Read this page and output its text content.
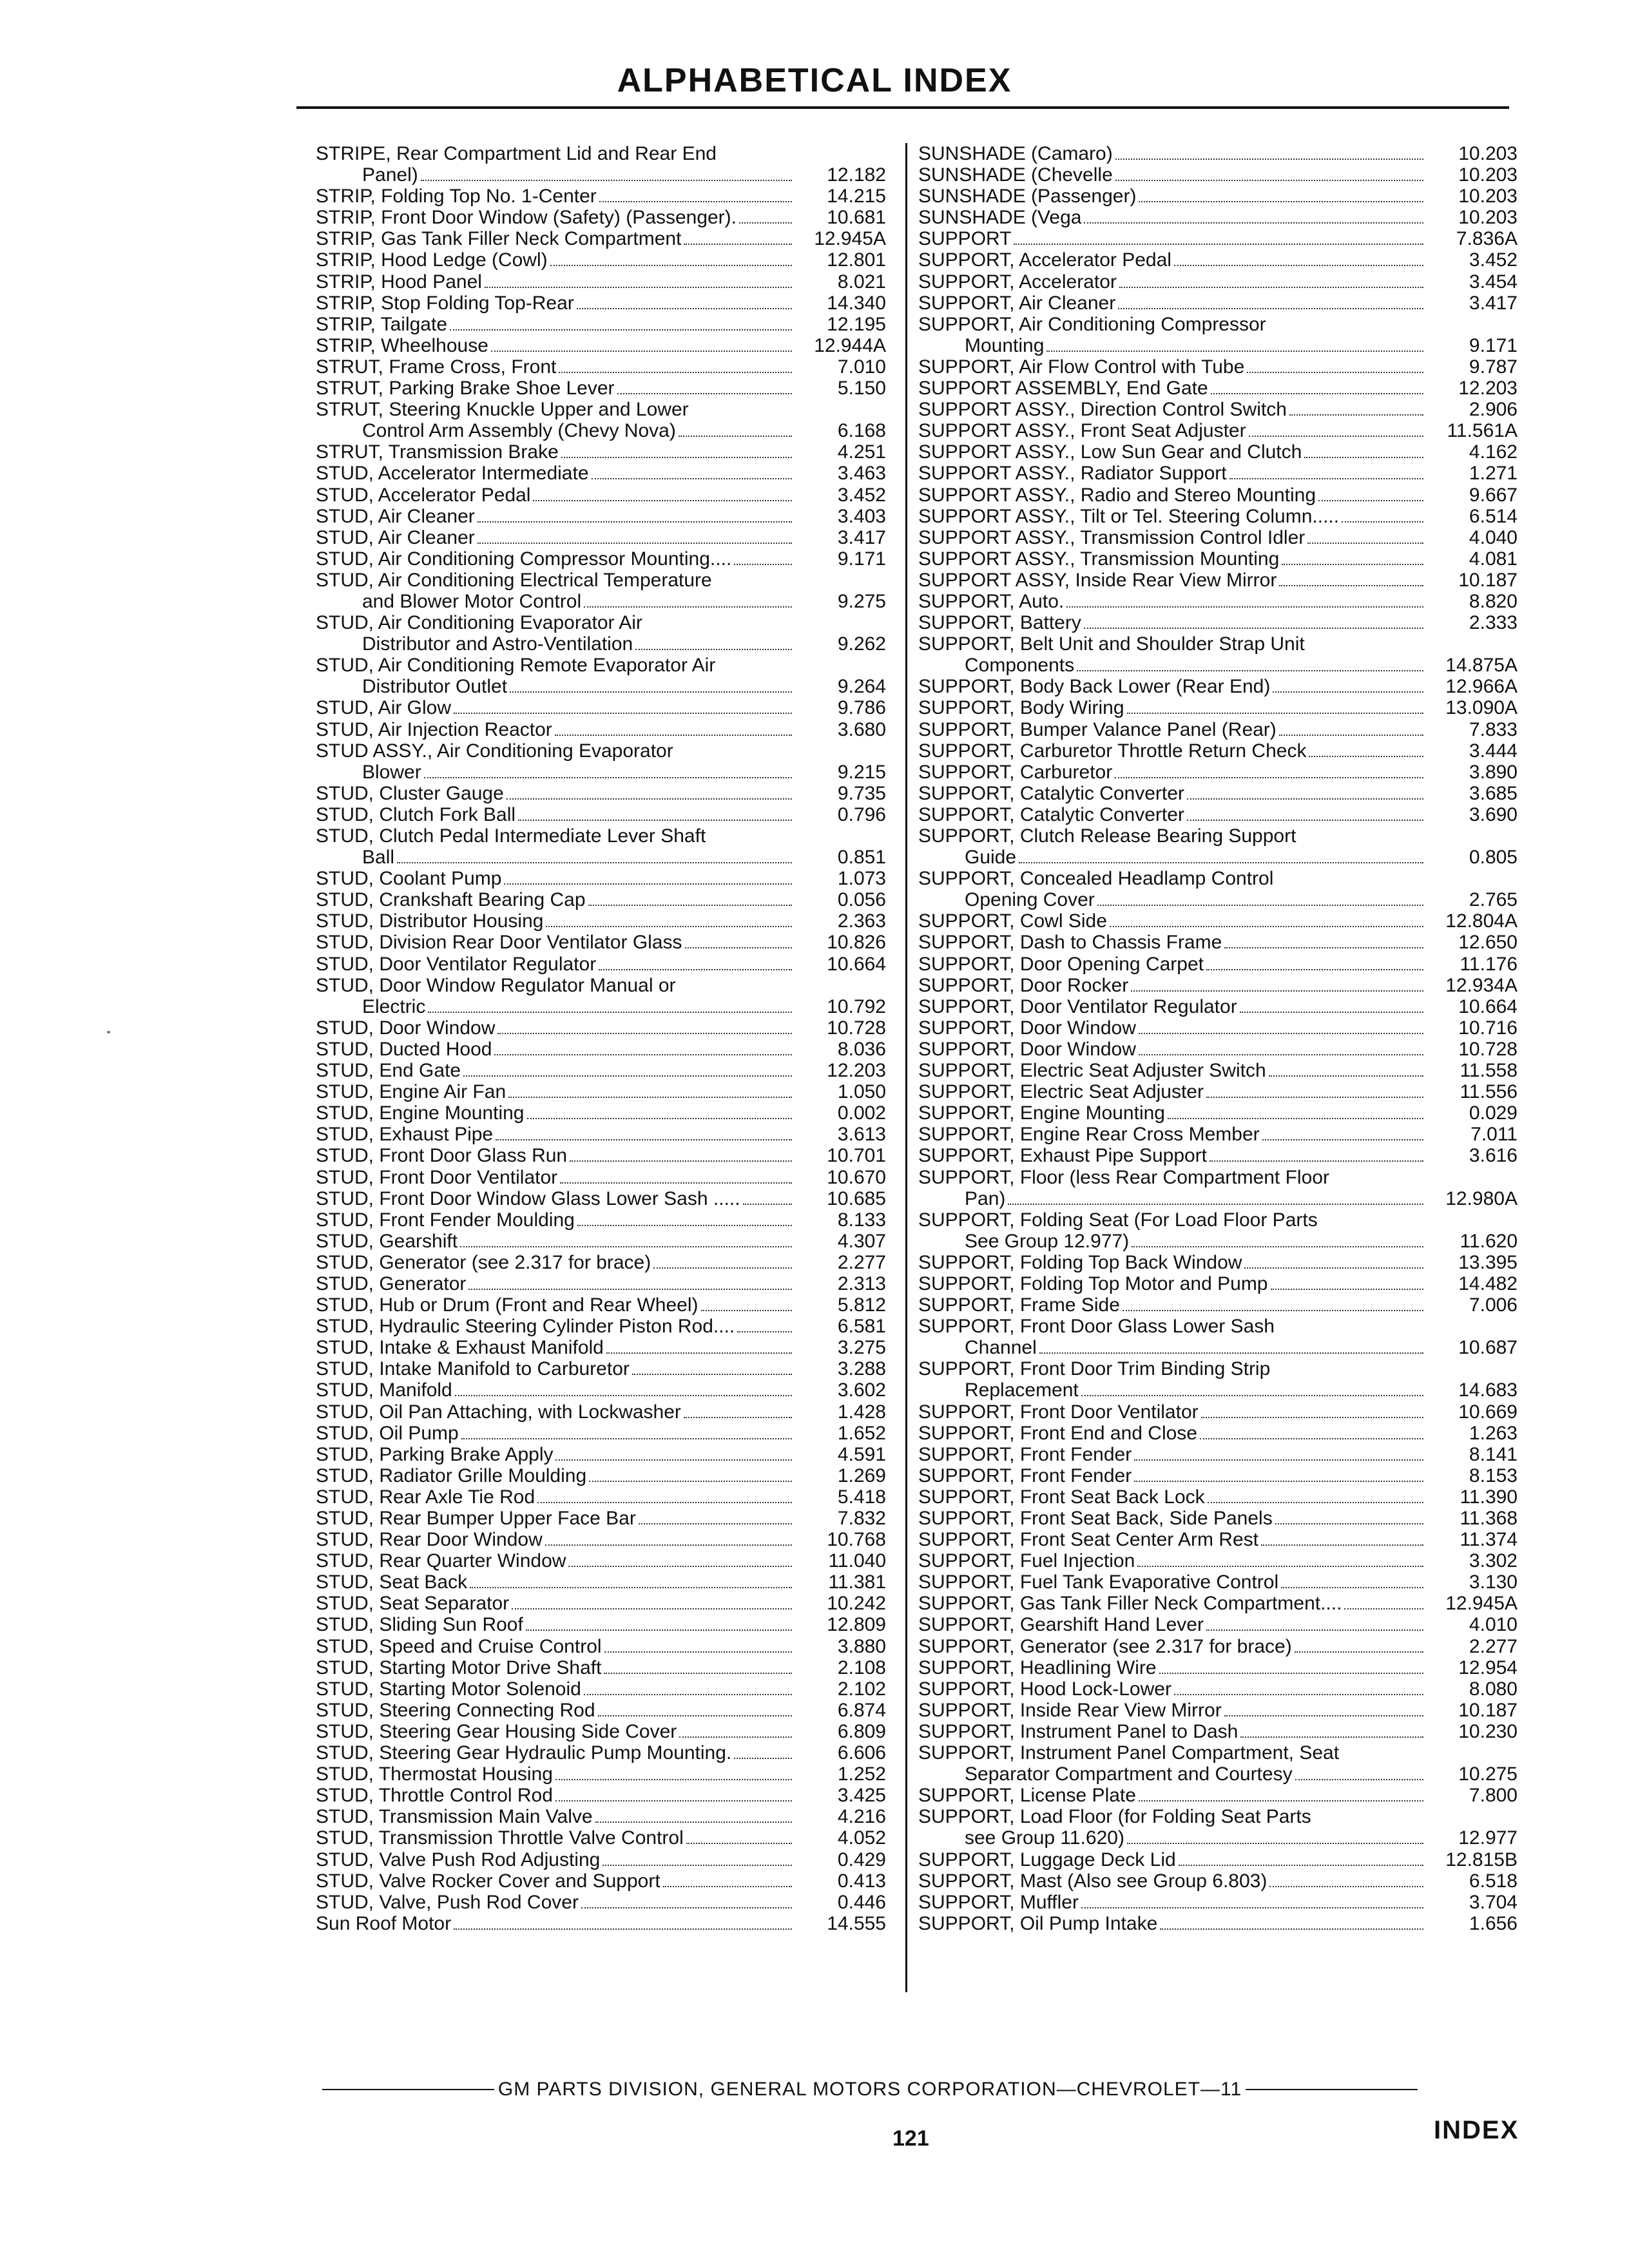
ALPHABETICAL INDEX
STRIPE, Rear Compartment Lid and Rear End
Panel)	12.182
STRIP, Folding Top No. 1-Center	14.215
STRIP, Front Door Window (Safety) (Passenger).	10.681
STRIP, Gas Tank Filler Neck Compartment	12.945A
STRIP, Hood Ledge (Cowl)	12.801
STRIP, Hood Panel	8.021
STRIP, Stop Folding Top-Rear	14.340
STRIP, Tailgate	12.195
STRIP, Wheelhouse	12.944A
STRUT, Frame Cross, Front	7.010
STRUT, Parking Brake Shoe Lever	5.150
STRUT, Steering Knuckle Upper and Lower
Control Arm Assembly (Chevy Nova)	6.168
STRUT, Transmission Brake	4.251
STUD, Accelerator Intermediate	3.463
STUD, Accelerator Pedal	3.452
STUD, Air Cleaner	3.403
STUD, Air Cleaner	3.417
STUD, Air Conditioning Compressor Mounting....	9.171
STUD, Air Conditioning Electrical Temperature
and Blower Motor Control	9.275
STUD, Air Conditioning Evaporator Air
Distributor and Astro-Ventilation	9.262
STUD, Air Conditioning Remote Evaporator Air
Distributor Outlet	9.264
STUD, Air Glow	9.786
STUD, Air Injection Reactor	3.680
STUD ASSY., Air Conditioning Evaporator
Blower	9.215
STUD, Cluster Gauge	9.735
STUD, Clutch Fork Ball	0.796
STUD, Clutch Pedal Intermediate Lever Shaft
Ball	0.851
STUD, Coolant Pump	1.073
STUD, Crankshaft Bearing Cap	0.056
STUD, Distributor Housing	2.363
STUD, Division Rear Door Ventilator Glass	10.826
STUD, Door Ventilator Regulator	10.664
STUD, Door Window Regulator Manual or
Electric	10.792
STUD, Door Window	10.728
STUD, Ducted Hood	8.036
STUD, End Gate	12.203
STUD, Engine Air Fan	1.050
STUD, Engine Mounting	0.002
STUD, Exhaust Pipe	3.613
STUD, Front Door Glass Run	10.701
STUD, Front Door Ventilator	10.670
STUD, Front Door Window Glass Lower Sash .....	10.685
STUD, Front Fender Moulding	8.133
STUD, Gearshift	4.307
STUD, Generator (see 2.317 for brace)	2.277
STUD, Generator	2.313
STUD, Hub or Drum (Front and Rear Wheel)	5.812
STUD, Hydraulic Steering Cylinder Piston Rod....	6.581
STUD, Intake & Exhaust Manifold	3.275
STUD, Intake Manifold to Carburetor	3.288
STUD, Manifold	3.602
STUD, Oil Pan Attaching, with Lockwasher	1.428
STUD, Oil Pump	1.652
STUD, Parking Brake Apply	4.591
STUD, Radiator Grille Moulding	1.269
STUD, Rear Axle Tie Rod	5.418
STUD, Rear Bumper Upper Face Bar	7.832
STUD, Rear Door Window	10.768
STUD, Rear Quarter Window	11.040
STUD, Seat Back	11.381
STUD, Seat Separator	10.242
STUD, Sliding Sun Roof	12.809
STUD, Speed and Cruise Control	3.880
STUD, Starting Motor Drive Shaft	2.108
STUD, Starting Motor Solenoid	2.102
STUD, Steering Connecting Rod	6.874
STUD, Steering Gear Housing Side Cover	6.809
STUD, Steering Gear Hydraulic Pump Mounting.	6.606
STUD, Thermostat Housing	1.252
STUD, Throttle Control Rod	3.425
STUD, Transmission Main Valve	4.216
STUD, Transmission Throttle Valve Control	4.052
STUD, Valve Push Rod Adjusting	0.429
STUD, Valve Rocker Cover and Support	0.413
STUD, Valve, Push Rod Cover	0.446
Sun Roof Motor	14.555
SUNSHADE (Camaro)	10.203
SUNSHADE (Chevelle	10.203
SUNSHADE (Passenger)	10.203
SUNSHADE (Vega	10.203
SUPPORT	7.836A
SUPPORT, Accelerator Pedal	3.452
SUPPORT, Accelerator	3.454
SUPPORT, Air Cleaner	3.417
SUPPORT, Air Conditioning Compressor
Mounting	9.171
SUPPORT, Air Flow Control with Tube	9.787
SUPPORT ASSEMBLY, End Gate	12.203
SUPPORT ASSY., Direction Control Switch	2.906
SUPPORT ASSY., Front Seat Adjuster	11.561A
SUPPORT ASSY., Low Sun Gear and Clutch	4.162
SUPPORT ASSY., Radiator Support	1.271
SUPPORT ASSY., Radio and Stereo Mounting	9.667
SUPPORT ASSY., Tilt or Tel. Steering Column.....	6.514
SUPPORT ASSY., Transmission Control Idler	4.040
SUPPORT ASSY., Transmission Mounting	4.081
SUPPORT ASSY, Inside Rear View Mirror	10.187
SUPPORT, Auto.	8.820
SUPPORT, Battery	2.333
SUPPORT, Belt Unit and Shoulder Strap Unit
Components	14.875A
SUPPORT, Body Back Lower (Rear End)	12.966A
SUPPORT, Body Wiring	13.090A
SUPPORT, Bumper Valance Panel (Rear)	7.833
SUPPORT, Carburetor Throttle Return Check	3.444
SUPPORT, Carburetor	3.890
SUPPORT, Catalytic Converter	3.685
SUPPORT, Catalytic Converter	3.690
SUPPORT, Clutch Release Bearing Support
Guide	0.805
SUPPORT, Concealed Headlamp Control
Opening Cover	2.765
SUPPORT, Cowl Side	12.804A
SUPPORT, Dash to Chassis Frame	12.650
SUPPORT, Door Opening Carpet	11.176
SUPPORT, Door Rocker	12.934A
SUPPORT, Door Ventilator Regulator	10.664
SUPPORT, Door Window	10.716
SUPPORT, Door Window	10.728
SUPPORT, Electric Seat Adjuster Switch	11.558
SUPPORT, Electric Seat Adjuster	11.556
SUPPORT, Engine Mounting	0.029
SUPPORT, Engine Rear Cross Member	7.011
SUPPORT, Exhaust Pipe Support	3.616
SUPPORT, Floor (less Rear Compartment Floor
Pan)	12.980A
SUPPORT, Folding Seat (For Load Floor Parts
See Group 12.977)	11.620
SUPPORT, Folding Top Back Window	13.395
SUPPORT, Folding Top Motor and Pump	14.482
SUPPORT, Frame Side	7.006
SUPPORT, Front Door Glass Lower Sash
Channel	10.687
SUPPORT, Front Door Trim Binding Strip
Replacement	14.683
SUPPORT, Front Door Ventilator	10.669
SUPPORT, Front End and Close	1.263
SUPPORT, Front Fender	8.141
SUPPORT, Front Fender	8.153
SUPPORT, Front Seat Back Lock	11.390
SUPPORT, Front Seat Back, Side Panels	11.368
SUPPORT, Front Seat Center Arm Rest	11.374
SUPPORT, Fuel Injection	3.302
SUPPORT, Fuel Tank Evaporative Control	3.130
SUPPORT, Gas Tank Filler Neck Compartment....	12.945A
SUPPORT, Gearshift Hand Lever	4.010
SUPPORT, Generator (see 2.317 for brace)	2.277
SUPPORT, Headlining Wire	12.954
SUPPORT, Hood Lock-Lower	8.080
SUPPORT, Inside Rear View Mirror	10.187
SUPPORT, Instrument Panel to Dash	10.230
SUPPORT, Instrument Panel Compartment, Seat
Separator Compartment and Courtesy	10.275
SUPPORT, License Plate	7.800
SUPPORT, Load Floor (for Folding Seat Parts
see Group 11.620)	12.977
SUPPORT, Luggage Deck Lid	12.815B
SUPPORT, Mast (Also see Group 6.803)	6.518
SUPPORT, Muffler	3.704
SUPPORT, Oil Pump Intake	1.656
GM PARTS DIVISION, GENERAL MOTORS CORPORATION—CHEVROLET—11
121	INDEX
